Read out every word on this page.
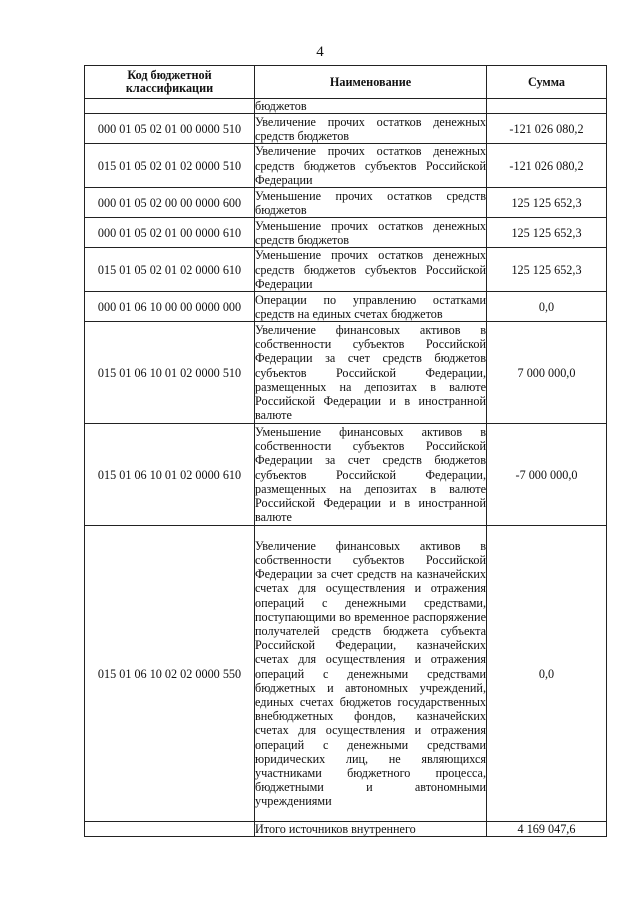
4
Код бюджетной классификации	Наименование	Сумма
	бюджетов	
000 01 05 02 01 00 0000 510	Увеличение прочих остатков денежных средств бюджетов	-121 026 080,2
015 01 05 02 01 02 0000 510	Увеличение прочих остатков денежных средств бюджетов субъектов Российской Федерации	-121 026 080,2
000 01 05 02 00 00 0000 600	Уменьшение прочих остатков средств бюджетов	125 125 652,3
000 01 05 02 01 00 0000 610	Уменьшение прочих остатков денежных средств бюджетов	125 125 652,3
015 01 05 02 01 02 0000 610	Уменьшение прочих остатков денежных средств бюджетов субъектов Российской Федерации	125 125 652,3
000 01 06 10 00 00 0000 000	Операции по управлению остатками средств на единых счетах бюджетов	0,0
015 01 06 10 01 02 0000 510	Увеличение финансовых активов в собственности субъектов Российской Федерации за счет средств бюджетов субъектов Российской Федерации, размещенных на депозитах в валюте Российской Федерации и в иностранной валюте	7 000 000,0
015 01 06 10 01 02 0000 610	Уменьшение финансовых активов в собственности субъектов Российской Федерации за счет средств бюджетов субъектов Российской Федерации, размещенных на депозитах в валюте Российской Федерации и в иностранной валюте	-7 000 000,0
015 01 06 10 02 02 0000 550	Увеличение финансовых активов в собственности субъектов Российской Федерации за счет средств на казначейских счетах для осуществления и отражения операций с денежными средствами, поступающими во временное распоряжение получателей средств бюджета субъекта Российской Федерации, казначейских счетах для осуществления и отражения операций с денежными средствами бюджетных и автономных учреждений, единых счетах бюджетов государственных внебюджетных фондов, казначейских счетах для осуществления и отражения операций с денежными средствами юридических лиц, не являющихся участниками бюджетного процесса, бюджетными и автономными учреждениями	0,0
	Итого источников внутреннего	4 169 047,6
